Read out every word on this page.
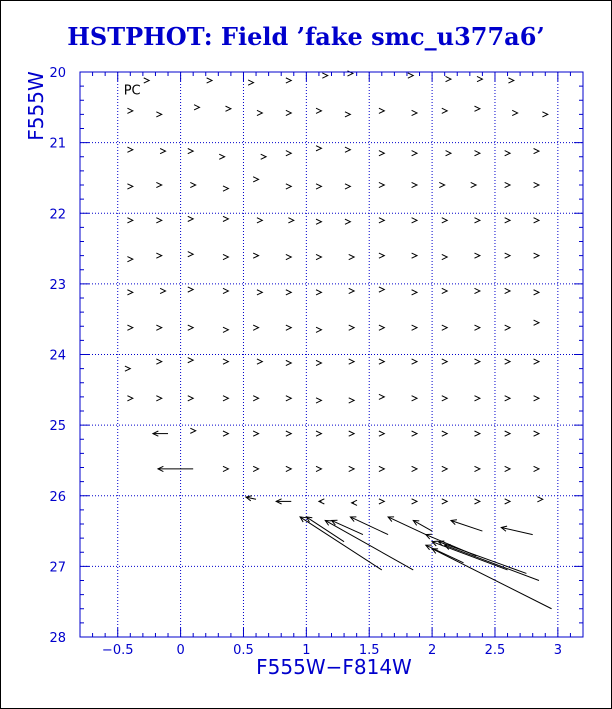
HSTPHOT: Field ’fake smc_u377a6’
−0.5	0	0.5	1	1.5	2	2.5	3
20
21
22
23
24
25
26
27
28
F555W−F814W
F555W	PC
